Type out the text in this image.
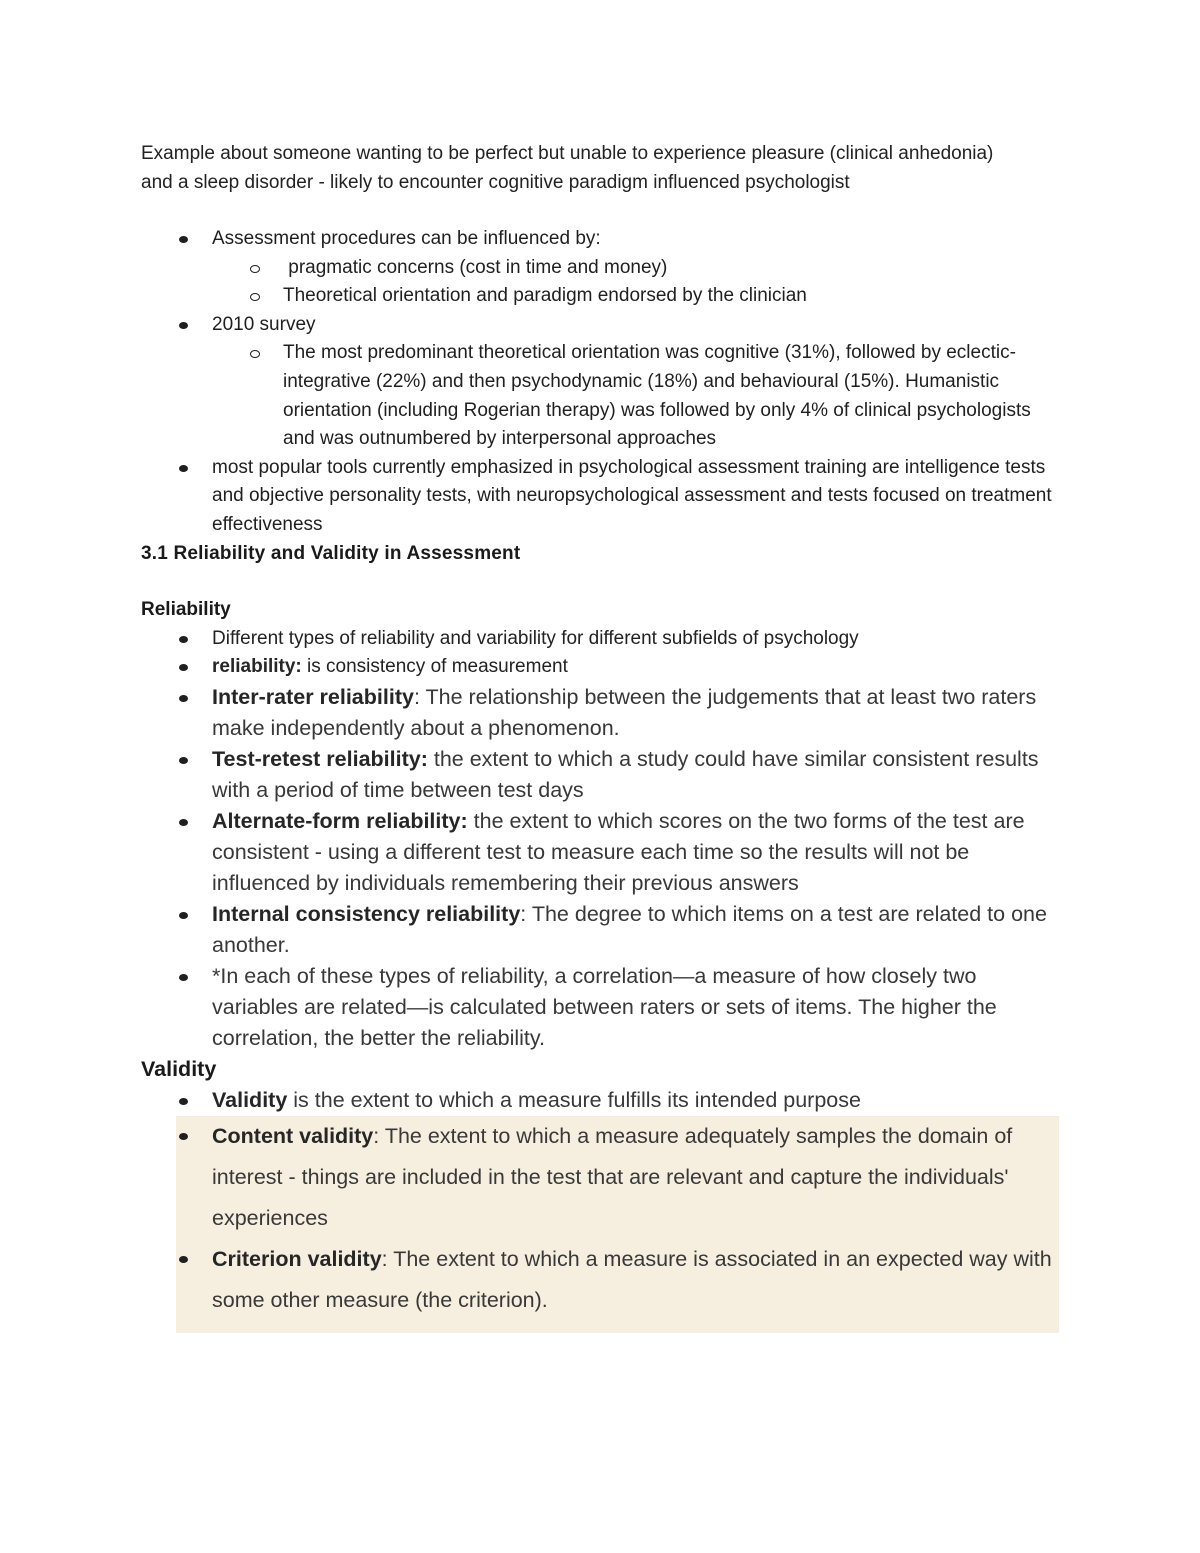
Example about someone wanting to be perfect but unable to experience pleasure (clinical anhedonia) and a sleep disorder - likely to encounter cognitive paradigm influenced psychologist

Assessment procedures can be influenced by:
pragmatic concerns (cost in time and money)
Theoretical orientation and paradigm endorsed by the clinician
2010 survey
The most predominant theoretical orientation was cognitive (31%), followed by eclectic-integrative (22%) and then psychodynamic (18%) and behavioural (15%). Humanistic orientation (including Rogerian therapy) was followed by only 4% of clinical psychologists and was outnumbered by interpersonal approaches
most popular tools currently emphasized in psychological assessment training are intelligence tests and objective personality tests, with neuropsychological assessment and tests focused on treatment effectiveness

3.1 Reliability and Validity in Assessment

Reliability

Different types of reliability and variability for different subfields of psychology
reliability: is consistency of measurement
Inter-rater reliability: The relationship between the judgements that at least two raters make independently about a phenomenon.
Test-retest reliability: the extent to which a study could have similar consistent results with a period of time between test days
Alternate-form reliability: the extent to which scores on the two forms of the test are consistent - using a different test to measure each time so the results will not be influenced by individuals remembering their previous answers
Internal consistency reliability: The degree to which items on a test are related to one another.
*In each of these types of reliability, a correlation—a measure of how closely two variables are related—is calculated between raters or sets of items. The higher the correlation, the better the reliability.

Validity

Validity is the extent to which a measure fulfills its intended purpose
Content validity: The extent to which a measure adequately samples the domain of interest - things are included in the test that are relevant and capture the individuals' experiences
Criterion validity: The extent to which a measure is associated in an expected way with some other measure (the criterion).
